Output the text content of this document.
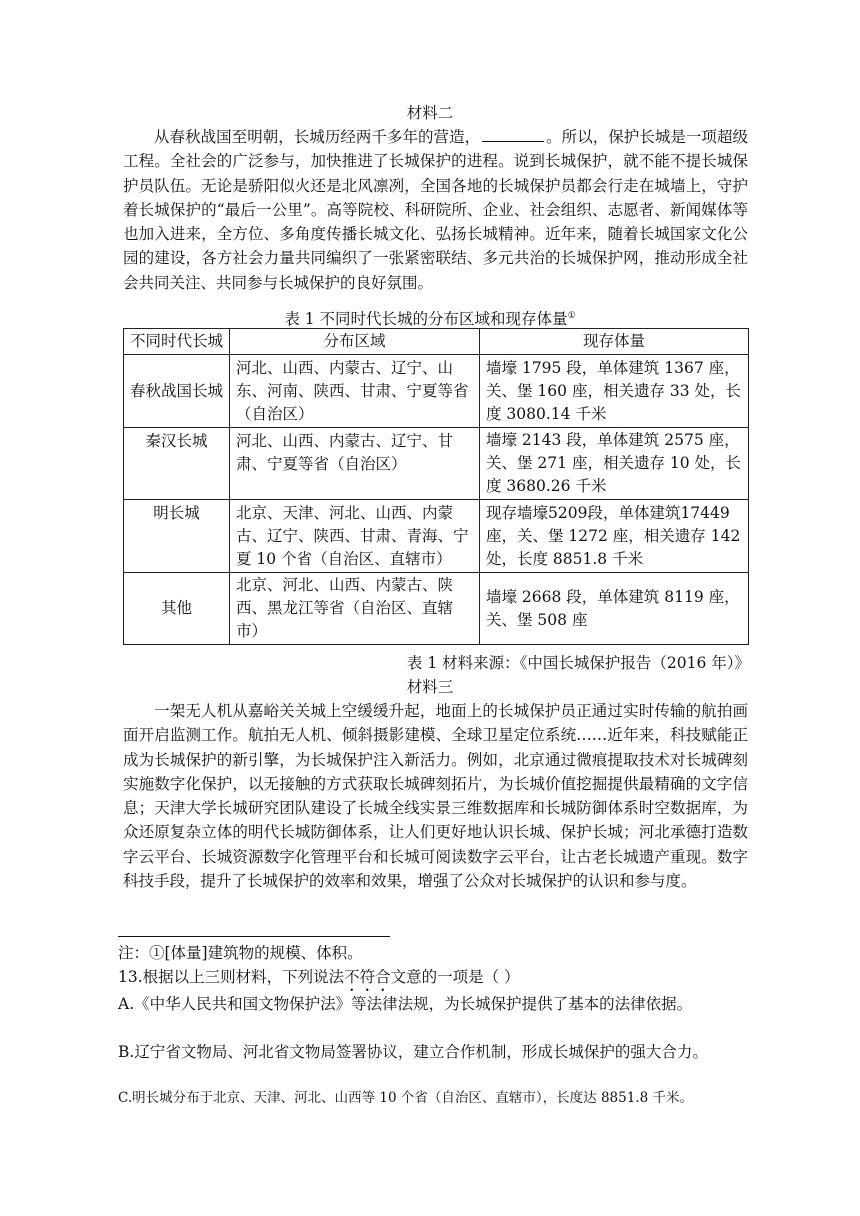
材料二

从春秋战国至明朝，长城历经两千多年的营造，	。所以，保护长城是一项超级工程。全社会的广泛参与，加快推进了长城保护的进程。说到长城保护，就不能不提长城保护员队伍。无论是骄阳似火还是北风凛冽，全国各地的长城保护员都会行走在城墙上，守护着长城保护的“最后一公里”。高等院校、科研院所、企业、社会组织、志愿者、新闻媒体等也加入进来，全方位、多角度传播长城文化、弘扬长城精神。近年来，随着长城国家文化公园的建设，各方社会力量共同编织了一张紧密联结、多元共治的长城保护网，推动形成全社会共同关注、共同参与长城保护的良好氛围。

表 1 不同时代长城的分布区域和现存体量①
不同时代长城	分布区域	现存体量
春秋战国长城	河北、山西、内蒙古、辽宁、山东、河南、陕西、甘肃、宁夏等省（自治区）	墙壕 1795 段，单体建筑 1367 座，关、堡 160 座，相关遗存 33 处，长度 3080.14 千米
秦汉长城	河北、山西、内蒙古、辽宁、甘肃、宁夏等省（自治区）	墙壕 2143 段，单体建筑 2575 座，关、堡 271 座，相关遗存 10 处，长度 3680.26 千米
明长城	北京、天津、河北、山西、内蒙古、辽宁、陕西、甘肃、青海、宁夏 10 个省（自治区、直辖市）	现存墙壕5209段，单体建筑17449座，关、堡 1272 座，相关遗存 142 处，长度 8851.8 千米
其他	北京、河北、山西、内蒙古、陕西、黑龙江等省（自治区、直辖市）	墙壕 2668 段，单体建筑 8119 座，关、堡 508 座
表 1 材料来源：《中国长城保护报告（2016 年）》
材料三

一架无人机从嘉峪关关城上空缓缓升起，地面上的长城保护员正通过实时传输的航拍画面开启监测工作。航拍无人机、倾斜摄影建模、全球卫星定位系统……近年来，科技赋能正成为长城保护的新引擎，为长城保护注入新活力。例如，北京通过微痕提取技术对长城碑刻实施数字化保护，以无接触的方式获取长城碑刻拓片，为长城价值挖掘提供最精确的文字信息；天津大学长城研究团队建设了长城全线实景三维数据库和长城防御体系时空数据库，为众还原复杂立体的明代长城防御体系，让人们更好地认识长城、保护长城；河北承德打造数字云平台、长城资源数字化管理平台和长城可阅读数字云平台，让古老长城遗产重现。数字科技手段，提升了长城保护的效率和效果，增强了公众对长城保护的认识和参与度。

注：①[体量]建筑物的规模、体积。
13.根据以上三则材料，下列说法不符合文意的一项是（ ）

A.《中华人民共和国文物保护法》等法律法规，为长城保护提供了基本的法律依据。

B.辽宁省文物局、河北省文物局签署协议，建立合作机制，形成长城保护的强大合力。

C.明长城分布于北京、天津、河北、山西等 10 个省（自治区、直辖市），长度达 8851.8 千米。
